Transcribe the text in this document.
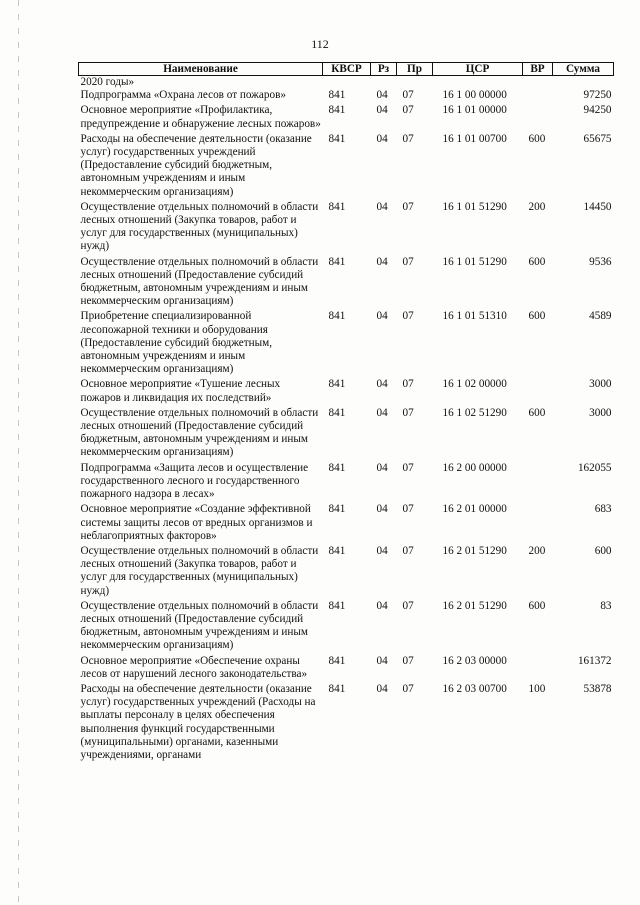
112
Наименование	КВСР	Рз	Пр	ЦСР	ВР	Сумма
2020 годы»						
Подпрограмма «Охрана лесов от пожаров»	841	04	07	16 1 00 00000		97250
Основное мероприятие «Профилактика, предупреждение и обнаружение лесных пожаров»	841	04	07	16 1 01 00000		94250
Расходы на обеспечение деятельности (оказание услуг) государственных учреждений (Предоставление субсидий бюджетным, автономным учреждениям и иным некоммерческим организациям)	841	04	07	16 1 01 00700	600	65675
Осуществление отдельных полномочий в области лесных отношений (Закупка товаров, работ и услуг для государственных (муниципальных) нужд)	841	04	07	16 1 01 51290	200	14450
Осуществление отдельных полномочий в области лесных отношений (Предоставление субсидий бюджетным, автономным учреждениям и иным некоммерческим организациям)	841	04	07	16 1 01 51290	600	9536
Приобретение специализированной лесопожарной техники и оборудования (Предоставление субсидий бюджетным, автономным учреждениям и иным некоммерческим организациям)	841	04	07	16 1 01 51310	600	4589
Основное мероприятие «Тушение лесных пожаров и ликвидация их последствий»	841	04	07	16 1 02 00000		3000
Осуществление отдельных полномочий в области лесных отношений (Предоставление субсидий бюджетным, автономным учреждениям и иным некоммерческим организациям)	841	04	07	16 1 02 51290	600	3000
Подпрограмма «Защита лесов и осуществление государственного лесного и государственного пожарного надзора в лесах»	841	04	07	16 2 00 00000		162055
Основное мероприятие «Создание эффективной системы защиты лесов от вредных организмов и неблагоприятных факторов»	841	04	07	16 2 01 00000		683
Осуществление отдельных полномочий в области лесных отношений (Закупка товаров, работ и услуг для государственных (муниципальных) нужд)	841	04	07	16 2 01 51290	200	600
Осуществление отдельных полномочий в области лесных отношений (Предоставление субсидий бюджетным, автономным учреждениям и иным некоммерческим организациям)	841	04	07	16 2 01 51290	600	83
Основное мероприятие «Обеспечение охраны лесов от нарушений лесного законодательства»	841	04	07	16 2 03 00000		161372
Расходы на обеспечение деятельности (оказание услуг) государственных учреждений (Расходы на выплаты персоналу в целях обеспечения выполнения функций государственными (муниципальными) органами, казенными учреждениями, органами	841	04	07	16 2 03 00700	100	53878
